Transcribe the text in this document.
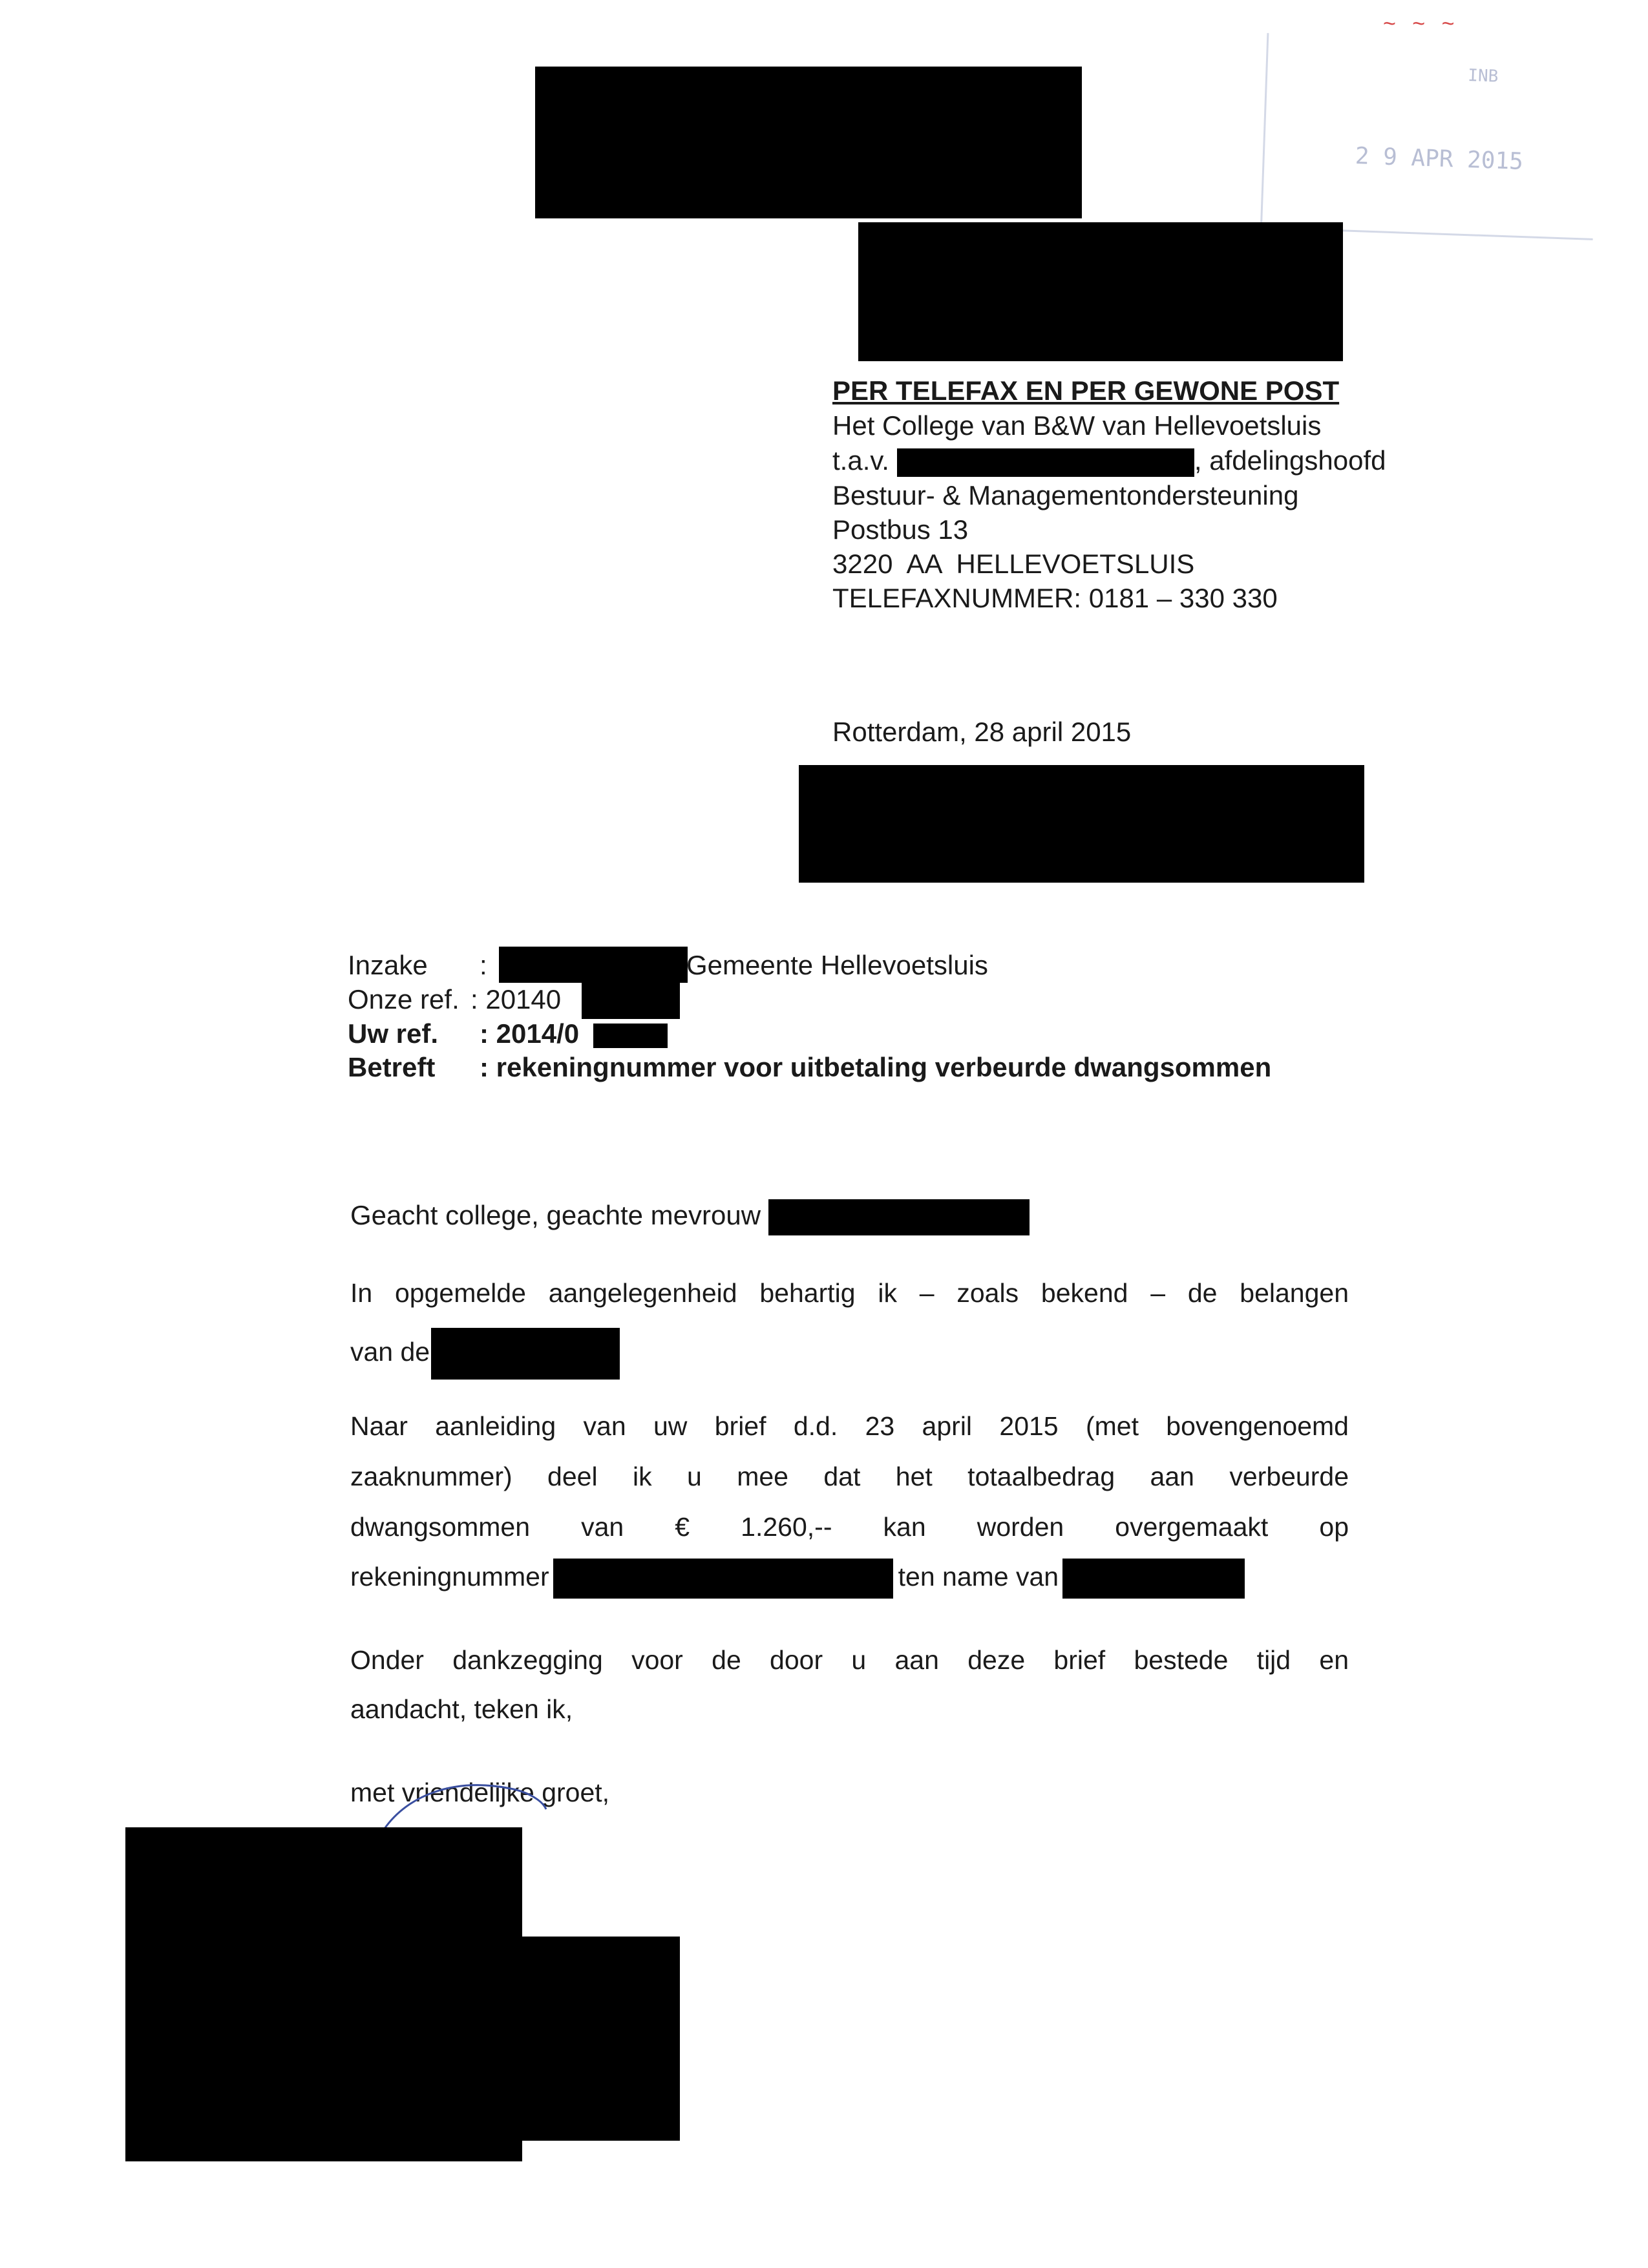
INB
2 9 APR 2015
~ ~ ~
PER TELEFAX EN PER GEWONE POST
Het College van B&W van Hellevoetsluis
t.a.v.	, afdelingshoofd
Bestuur- & Managementondersteuning
Postbus 13
3220  AA  HELLEVOETSLUIS
TELEFAXNUMMER: 0181 – 330 330
Rotterdam, 28 april 2015
Inzake :	Gemeente Hellevoetsluis
Onze ref. : 20140
Uw ref. : 2014/0
Betreft : rekeningnummer voor uitbetaling verbeurde dwangsommen
Geacht college, geachte mevrouw
In opgemelde aangelegenheid behartig ik – zoals bekend – de belangen
van de
Naar aanleiding van uw brief d.d. 23 april 2015 (met bovengenoemd
zaaknummer) deel ik u mee dat het totaalbedrag aan verbeurde
dwangsommen van € 1.260,-- kan worden overgemaakt op
rekeningnummer	ten name van
Onder dankzegging voor de door u aan deze brief bestede tijd en
aandacht, teken ik,
met vriendelijke groet,
